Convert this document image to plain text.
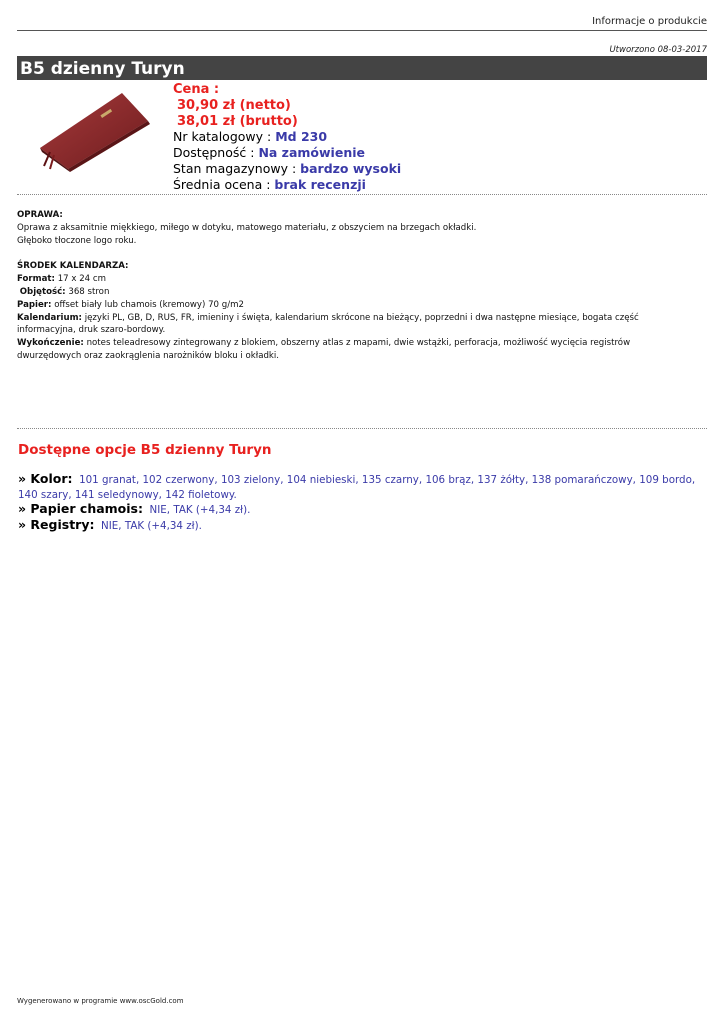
Informacje o produkcie
Utworzono 08-03-2017
B5 dzienny Turyn
Cena :
30,90 zł (netto)
38,01 zł (brutto)
Nr katalogowy : Md 230
Dostępność : Na zamówienie
Stan magazynowy : bardzo wysoki
Średnia ocena : brak recenzji

OPRAWA:

Oprawa z aksamitnie miękkiego, miłego w dotyku, matowego materiału, z obszyciem na brzegach okładki.

Głęboko tłoczone logo roku.

ŚRODEK KALENDARZA:

Format: 17 x 24 cm

Objętość: 368 stron

Papier: offset biały lub chamois (kremowy) 70 g/m2

Kalendarium: języki PL, GB, D, RUS, FR, imieniny i święta, kalendarium skrócone na bieżący, poprzedni i dwa następne miesiące, bogata część informacyjna, druk szaro-bordowy.

Wykończenie: notes teleadresowy zintegrowany z blokiem, obszerny atlas z mapami, dwie wstążki, perforacja, możliwość wycięcia registrów dwurzędowych oraz zaokrąglenia narożników bloku i okładki.

Dostępne opcje B5 dzienny Turyn

» Kolor: 101 granat, 102 czerwony, 103 zielony, 104 niebieski, 135 czarny, 106 brąz, 137 żółty, 138 pomarańczowy, 109 bordo, 140 szary, 141 seledynowy, 142 fioletowy.

» Papier chamois: NIE, TAK (+4,34 zł).

» Registry: NIE, TAK (+4,34 zł).

Wygenerowano w programie www.oscGold.com
